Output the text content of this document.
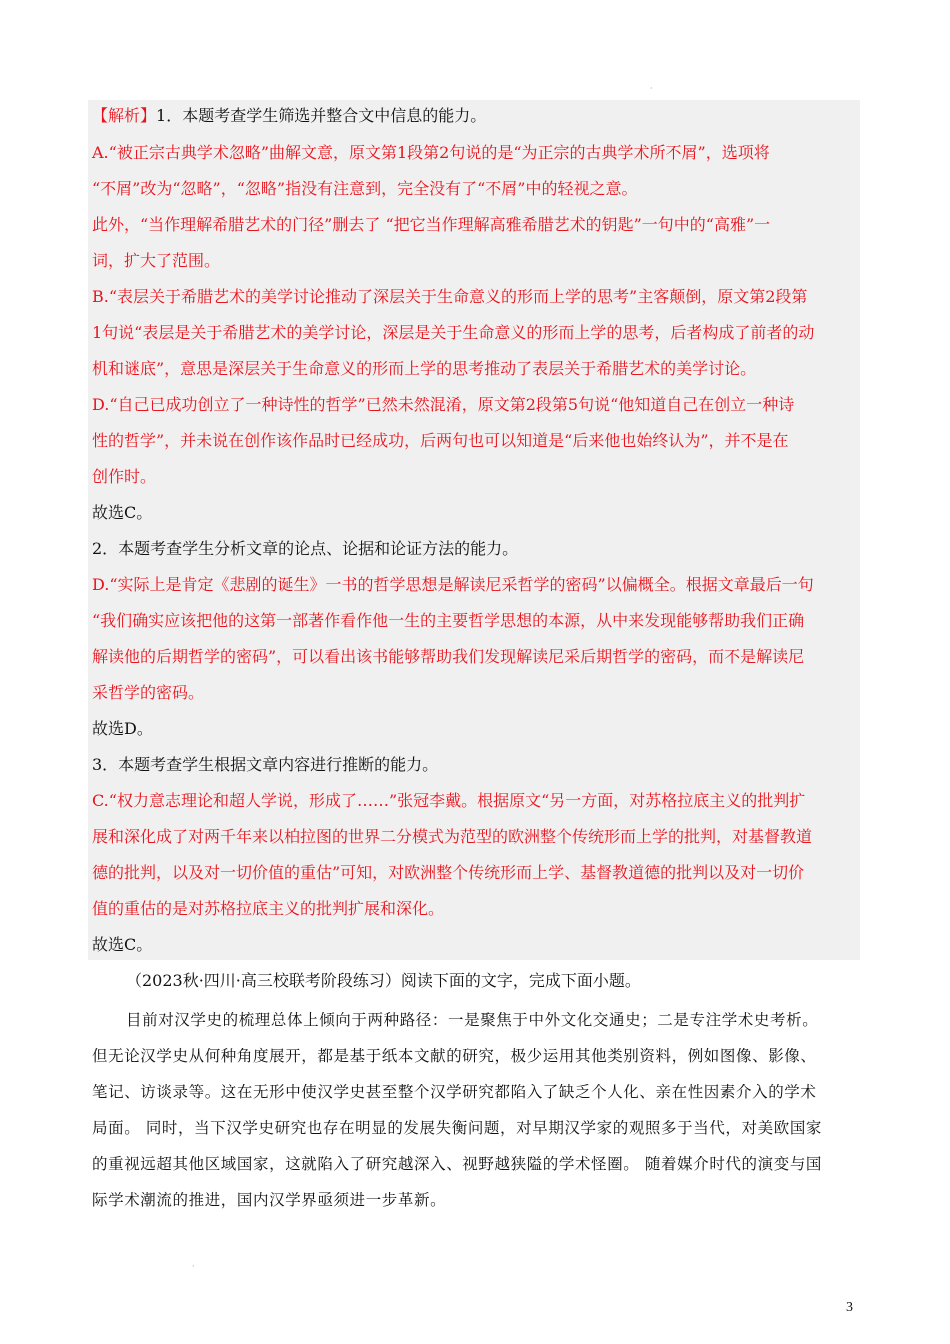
·
【解析】1．本题考查学生筛选并整合文中信息的能力。
A.“被正宗古典学术忽略”曲解文意，原文第1段第2句说的是“为正宗的古典学术所不屑”，选项将
“不屑”改为“忽略”，“忽略”指没有注意到，完全没有了“不屑”中的轻视之意。
此外，“当作理解希腊艺术的门径”删去了 “把它当作理解高雅希腊艺术的钥匙”一句中的“高雅”一
词，扩大了范围。
B.“表层关于希腊艺术的美学讨论推动了深层关于生命意义的形而上学的思考”主客颠倒，原文第2段第
1句说“表层是关于希腊艺术的美学讨论，深层是关于生命意义的形而上学的思考，后者构成了前者的动
机和谜底”，意思是深层关于生命意义的形而上学的思考推动了表层关于希腊艺术的美学讨论。
D.“自己已成功创立了一种诗性的哲学”已然未然混淆，原文第2段第5句说“他知道自己在创立一种诗
性的哲学”，并未说在创作该作品时已经成功，后两句也可以知道是“后来他也始终认为”，并不是在
创作时。
故选C。
2．本题考查学生分析文章的论点、论据和论证方法的能力。
D.“实际上是肯定《悲剧的诞生》一书的哲学思想是解读尼采哲学的密码”以偏概全。根据文章最后一句
“我们确实应该把他的这第一部著作看作他一生的主要哲学思想的本源，从中来发现能够帮助我们正确
解读他的后期哲学的密码”，可以看出该书能够帮助我们发现解读尼采后期哲学的密码，而不是解读尼
采哲学的密码。
故选D。
3．本题考查学生根据文章内容进行推断的能力。
C.“权力意志理论和超人学说，形成了……”张冠李戴。根据原文“另一方面，对苏格拉底主义的批判扩
展和深化成了对两千年来以柏拉图的世界二分模式为范型的欧洲整个传统形而上学的批判，对基督教道
德的批判，以及对一切价值的重估”可知，对欧洲整个传统形而上学、基督教道德的批判以及对一切价
值的重估的是对苏格拉底主义的批判扩展和深化。
故选C。
（2023秋·四川·高三校联考阶段练习）阅读下面的文字，完成下面小题。
目前对汉学史的梳理总体上倾向于两种路径：一是聚焦于中外文化交通史；二是专注学术史考析。
但无论汉学史从何种角度展开，都是基于纸本文献的研究，极少运用其他类别资料，例如图像、影像、
笔记、访谈录等。这在无形中使汉学史甚至整个汉学研究都陷入了缺乏个人化、亲在性因素介入的学术
局面。 同时，当下汉学史研究也存在明显的发展失衡问题，对早期汉学家的观照多于当代，对美欧国家
的重视远超其他区域国家，这就陷入了研究越深入、视野越狭隘的学术怪圈。 随着媒介时代的演变与国
际学术潮流的推进，国内汉学界亟须进一步革新。
·
3
